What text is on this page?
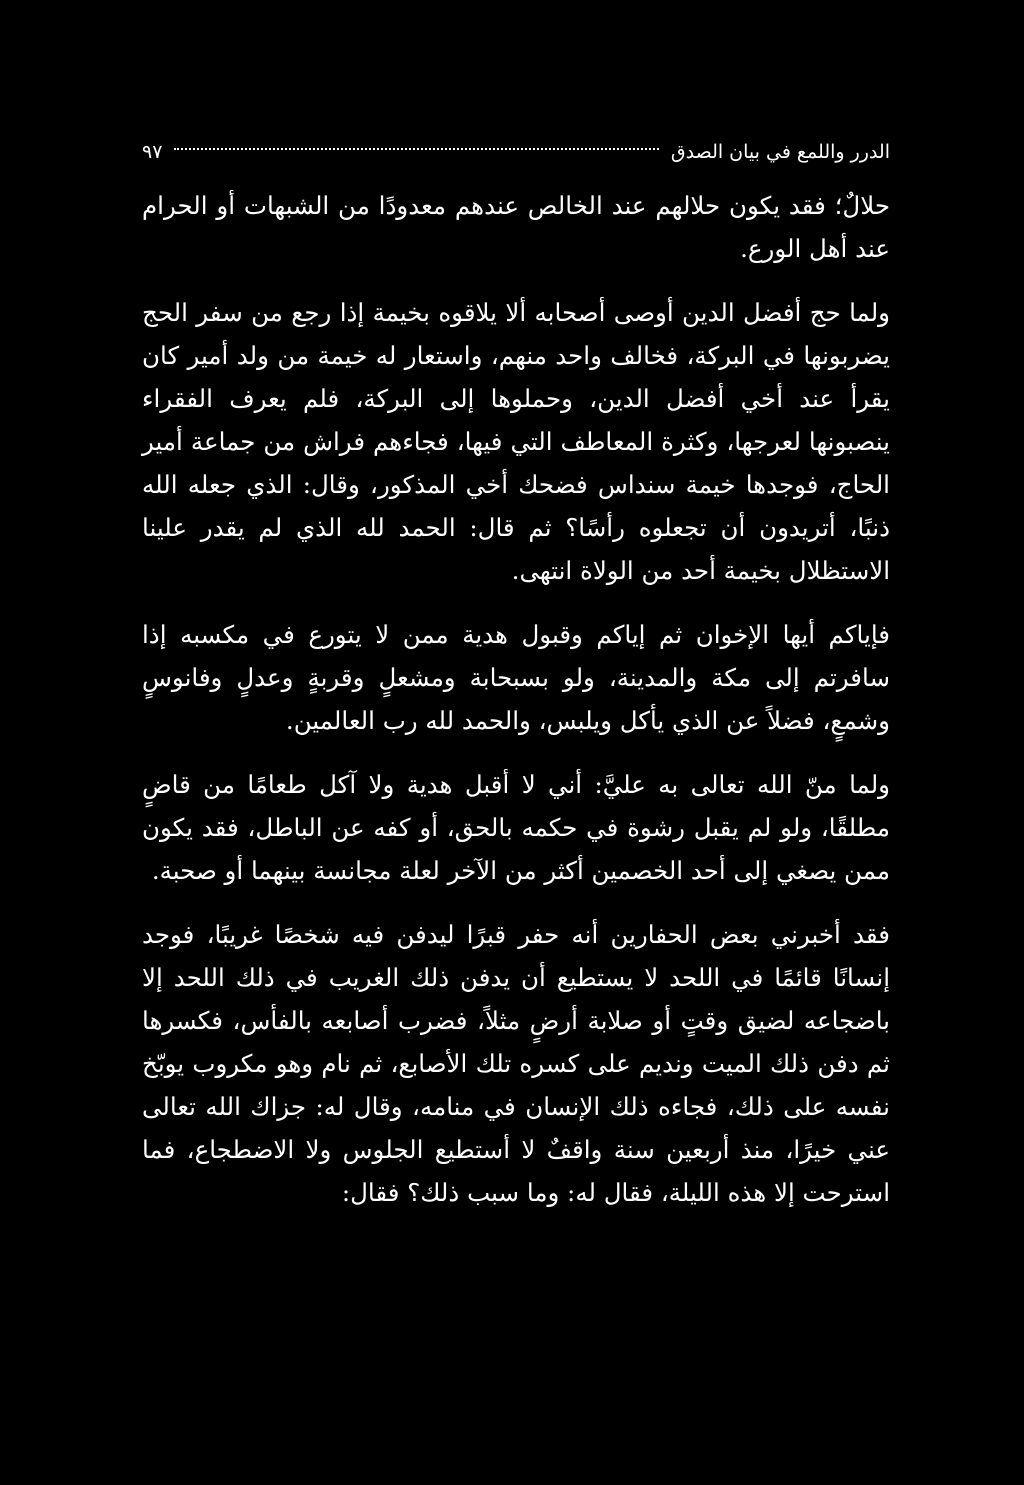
الدرر واللمع في بيان الصدق
٩٧

حلالٌ؛ فقد يكون حلالهم عند الخالص عندهم معدودًا من الشبهات أو الحرام عند أهل الورع.

ولما حج أفضل الدين أوصى أصحابه ألا يلاقوه بخيمة إذا رجع من سفر الحج يضربونها في البركة، فخالف واحد منهم، واستعار له خيمة من ولد أمير كان يقرأ عند أخي أفضل الدين، وحملوها إلى البركة، فلم يعرف الفقراء ينصبونها لعرجها، وكثرة المعاطف التي فيها، فجاءهم فراش من جماعة أمير الحاج، فوجدها خيمة سنداس فضحك أخي المذكور، وقال: الذي جعله الله ذنبًا، أتريدون أن تجعلوه رأسًا؟ ثم قال: الحمد لله الذي لم يقدر علينا الاستظلال بخيمة أحد من الولاة انتهى.

فإياكم أيها الإخوان ثم إياكم وقبول هدية ممن لا يتورع في مكسبه إذا سافرتم إلى مكة والمدينة، ولو بسبحابة ومشعلٍ وقربةٍ وعدلٍ وفانوسٍ وشمعٍ، فضلاً عن الذي يأكل ويلبس، والحمد لله رب العالمين.

ولما منّ الله تعالى به عليَّ: أني لا أقبل هدية ولا آكل طعامًا من قاضٍ مطلقًا، ولو لم يقبل رشوة في حكمه بالحق، أو كفه عن الباطل، فقد يكون ممن يصغي إلى أحد الخصمين أكثر من الآخر لعلة مجانسة بينهما أو صحبة.

فقد أخبرني بعض الحفارين أنه حفر قبرًا ليدفن فيه شخصًا غريبًا، فوجد إنسانًا قائمًا في اللحد لا يستطيع أن يدفن ذلك الغريب في ذلك اللحد إلا باضجاعه لضيق وقتٍ أو صلابة أرضٍ مثلاً، فضرب أصابعه بالفأس، فكسرها ثم دفن ذلك الميت ونديم على كسره تلك الأصابع، ثم نام وهو مكروب يوبّخ نفسه على ذلك، فجاءه ذلك الإنسان في منامه، وقال له: جزاك الله تعالى عني خيرًا، منذ أربعين سنة واقفٌ لا أستطيع الجلوس ولا الاضطجاع، فما استرحت إلا هذه الليلة، فقال له: وما سبب ذلك؟ فقال:
